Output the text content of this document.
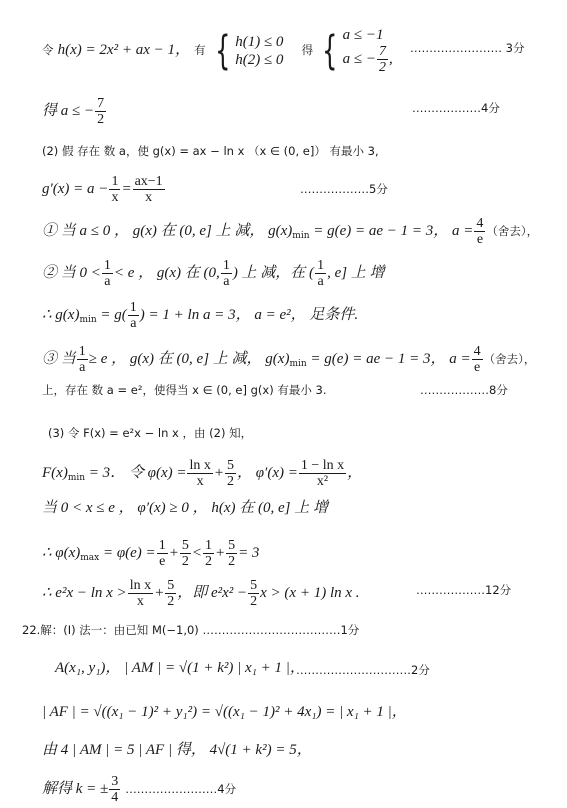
令 h(x) = 2x² + ax − 1， 有 { h(1) ≤ 0
h(2) ≤ 0
得 { a ≤ −1
a ≤ − $\frac{7}{2}$ ,
…………………… 3分
得 a ≤ − $\frac{7}{2}$	………………4分
(2) 假 存在 数 a，使 g(x) = ax − ln x （x ∈ (0, e]） 有最小 3,
$g'(x) = a - \frac{1}{x} = \frac{ax-1}{x}$	………………5分
① 当 a ≤ 0 ， g(x) 在 (0, e] 上 减， $g(x)_{min} = g(e)$ = ae − 1 = 3， $a = \frac{4}{e}$ （舍去），
② 当 $0 < \frac{1}{a} < e$ ， g(x) 在 (0, $\frac{1}{a}$ ) 上 减，在 ( $\frac{1}{a}$ , e] 上 增
∴ $g(x)_{min} = g( \frac{1}{a}$ ) = 1 + ln a = 3， a = e²， 足条件.
③ 当 $\frac{1}{a} \ge e$ ， g(x) 在 (0, e] 上 减， $g(x)_{min} = g(e)$ = ae − 1 = 3， $a = \frac{4}{e}$ （舍去），
上，存在 数 a = e²，使得当 x ∈ (0, e] g(x) 有最小 3.	………………8分
(3) 令 F(x) = e²x − ln x ，由 (2) 知，
$F(x)_{min} = 3$． 令 $\varphi(x) = \frac{\text{ln x}}{x} + \frac{5}{2}$ ， $\varphi'(x) = \frac{\text{1 − ln x}}{\text{x²}}$ ，
当 0 < x ≤ e ， φ′(x) ≥ 0 ， h(x) 在 (0, e] 上 增
∴ $\varphi(x)_{max} = \varphi(e) = \frac{1}{e} + \frac{5}{2} < \frac{1}{2} + \frac{5}{2} = 3$
∴ $e^2x - \ln x > \frac{\text{ln x}}{x} + \frac{5}{2}$ ，即 $e^2x^2 - \frac{5}{2}$ x > (x + 1) ln x .	………………12分
22.解：(Ⅰ) 法一：由已知 M(−1,0) ………………………………1分
A(x₁, y₁)， | AM | = √(1 + k²) | x₁ + 1 |，
…………………………2分
| AF | = √((x₁ − 1)² + y₁²) = √((x₁ − 1)² + 4x₁) = | x₁ + 1 |，
由 4 | AM | = 5 | AF | 得， 4√(1 + k²) = 5，
解得 k = ± $\frac{3}{4}$ ……………………4分
